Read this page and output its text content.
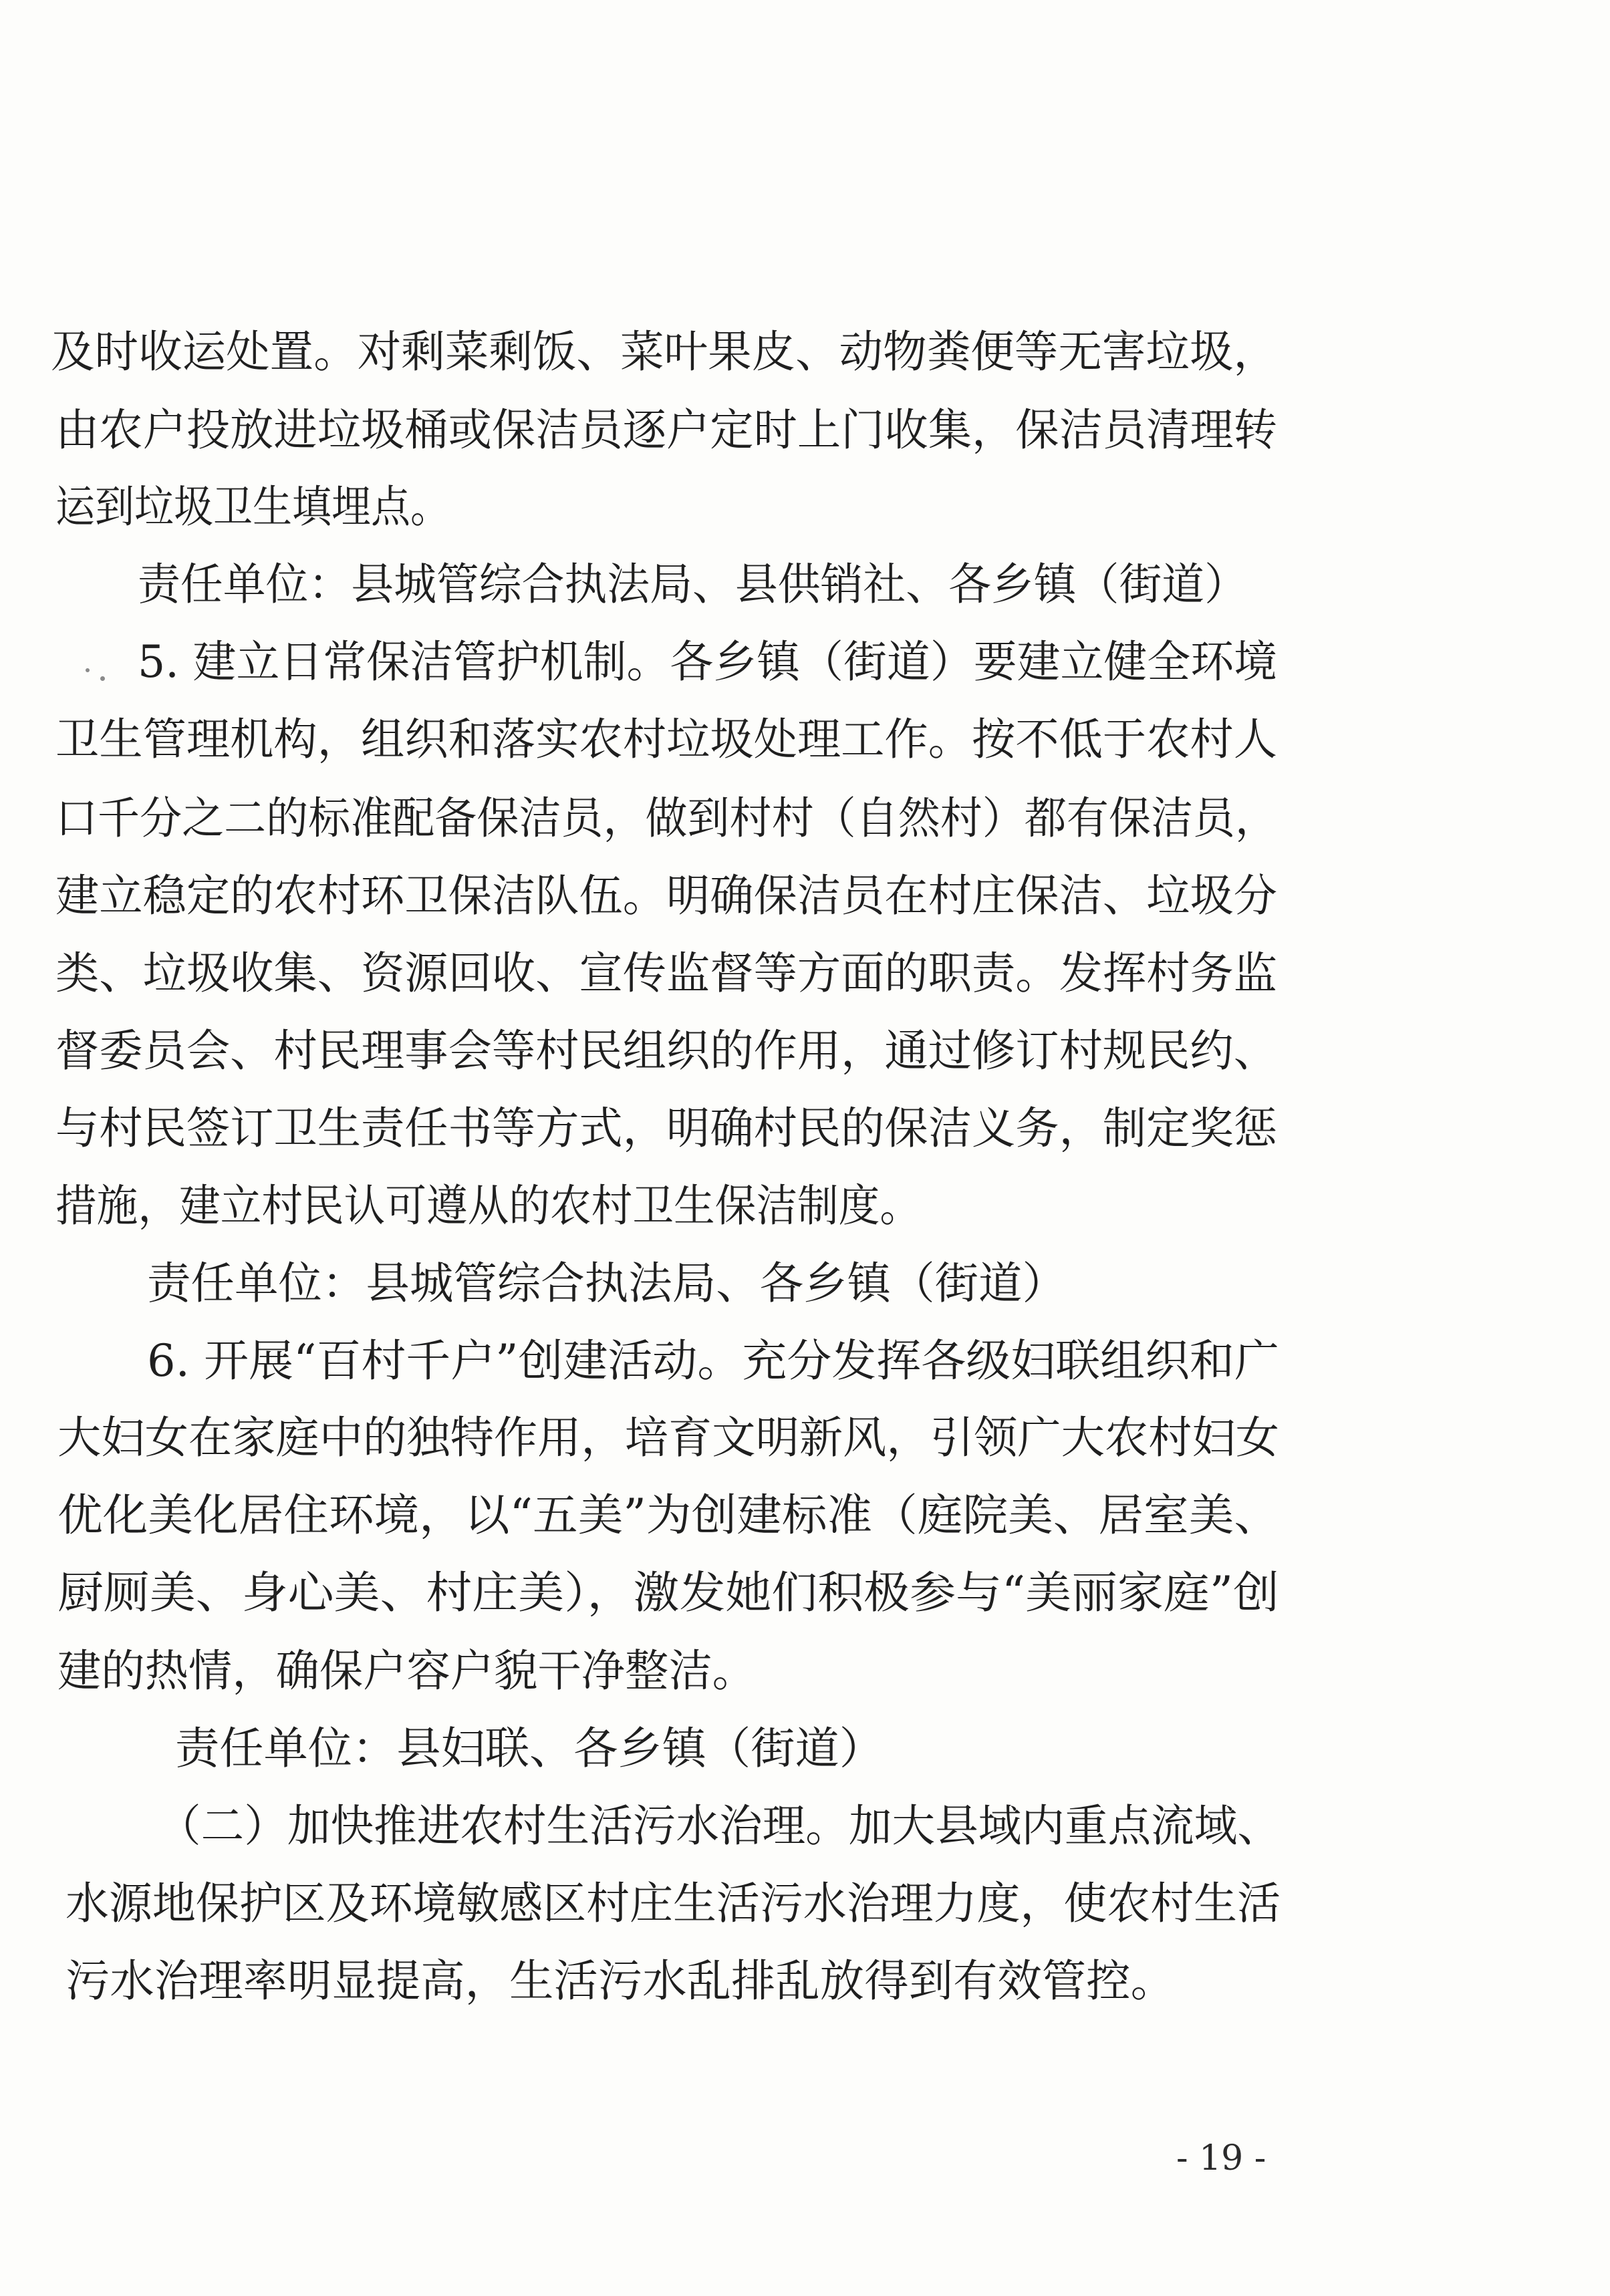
及时收运处置。对剩菜剩饭、菜叶果皮、动物粪便等无害垃圾，
由农户投放进垃圾桶或保洁员逐户定时上门收集，保洁员清理转
运到垃圾卫生填埋点。
责任单位：县城管综合执法局、县供销社、各乡镇（街道）
5. 建立日常保洁管护机制。各乡镇（街道）要建立健全环境
卫生管理机构，组织和落实农村垃圾处理工作。按不低于农村人
口千分之二的标准配备保洁员，做到村村（自然村）都有保洁员，
建立稳定的农村环卫保洁队伍。明确保洁员在村庄保洁、垃圾分
类、垃圾收集、资源回收、宣传监督等方面的职责。发挥村务监
督委员会、村民理事会等村民组织的作用，通过修订村规民约、
与村民签订卫生责任书等方式，明确村民的保洁义务，制定奖惩
措施，建立村民认可遵从的农村卫生保洁制度。
责任单位：县城管综合执法局、各乡镇（街道）
6. 开展“百村千户”创建活动。充分发挥各级妇联组织和广
大妇女在家庭中的独特作用，培育文明新风，引领广大农村妇女
优化美化居住环境，以“五美”为创建标准（庭院美、居室美、
厨厕美、身心美、村庄美），激发她们积极参与“美丽家庭”创
建的热情，确保户容户貌干净整洁。
责任单位：县妇联、各乡镇（街道）
（二）加快推进农村生活污水治理。加大县域内重点流域、
水源地保护区及环境敏感区村庄生活污水治理力度，使农村生活
污水治理率明显提高，生活污水乱排乱放得到有效管控。
- 19 -
